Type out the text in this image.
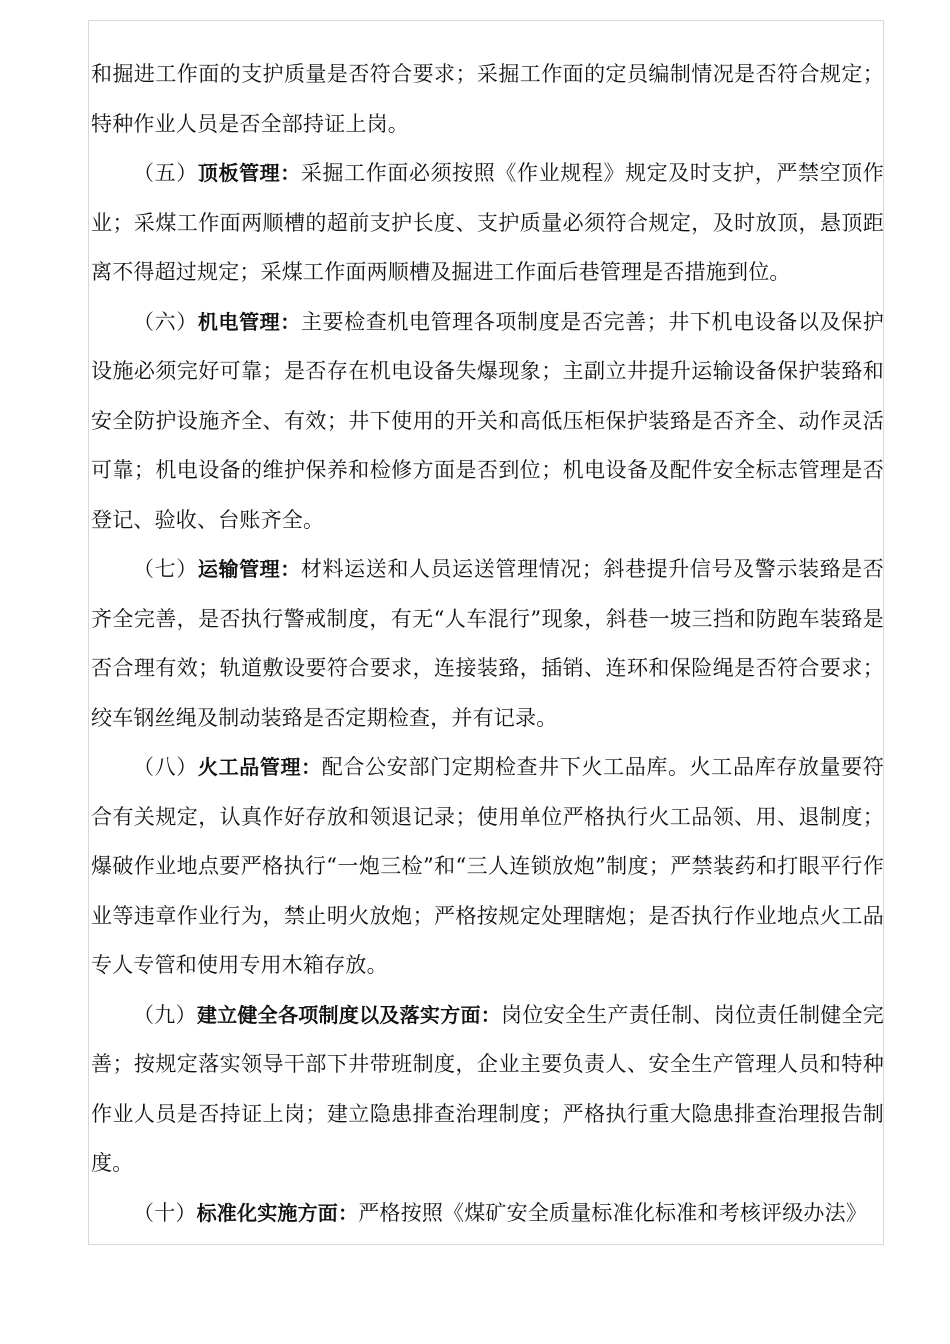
和掘进工作面的支护质量是否符合要求；采掘工作面的定员编制情况是否符合规定；特种作业人员是否全部持证上岗。

（五）顶板管理：采掘工作面必须按照《作业规程》规定及时支护，严禁空顶作业；采煤工作面两顺槽的超前支护长度、支护质量必须符合规定，及时放顶，悬顶距离不得超过规定；采煤工作面两顺槽及掘进工作面后巷管理是否措施到位。

（六）机电管理：主要检查机电管理各项制度是否完善；井下机电设备以及保护设施必须完好可靠；是否存在机电设备失爆现象；主副立井提升运输设备保护装臵和安全防护设施齐全、有效；井下使用的开关和高低压柜保护装臵是否齐全、动作灵活可靠；机电设备的维护保养和检修方面是否到位；机电设备及配件安全标志管理是否登记、验收、台账齐全。

（七）运输管理：材料运送和人员运送管理情况；斜巷提升信号及警示装臵是否齐全完善，是否执行警戒制度，有无“人车混行”现象，斜巷一坡三挡和防跑车装臵是否合理有效；轨道敷设要符合要求，连接装臵，插销、连环和保险绳是否符合要求；绞车钢丝绳及制动装臵是否定期检查，并有记录。

（八）火工品管理：配合公安部门定期检查井下火工品库。火工品库存放量要符合有关规定，认真作好存放和领退记录；使用单位严格执行火工品领、用、退制度；爆破作业地点要严格执行“一炮三检”和“三人连锁放炮”制度；严禁装药和打眼平行作业等违章作业行为，禁止明火放炮；严格按规定处理瞎炮；是否执行作业地点火工品专人专管和使用专用木箱存放。

（九）建立健全各项制度以及落实方面：岗位安全生产责任制、岗位责任制健全完善；按规定落实领导干部下井带班制度，企业主要负责人、安全生产管理人员和特种作业人员是否持证上岗；建立隐患排查治理制度；严格执行重大隐患排查治理报告制度。

（十）标准化实施方面：严格按照《煤矿安全质量标准化标准和考核评级办法》
